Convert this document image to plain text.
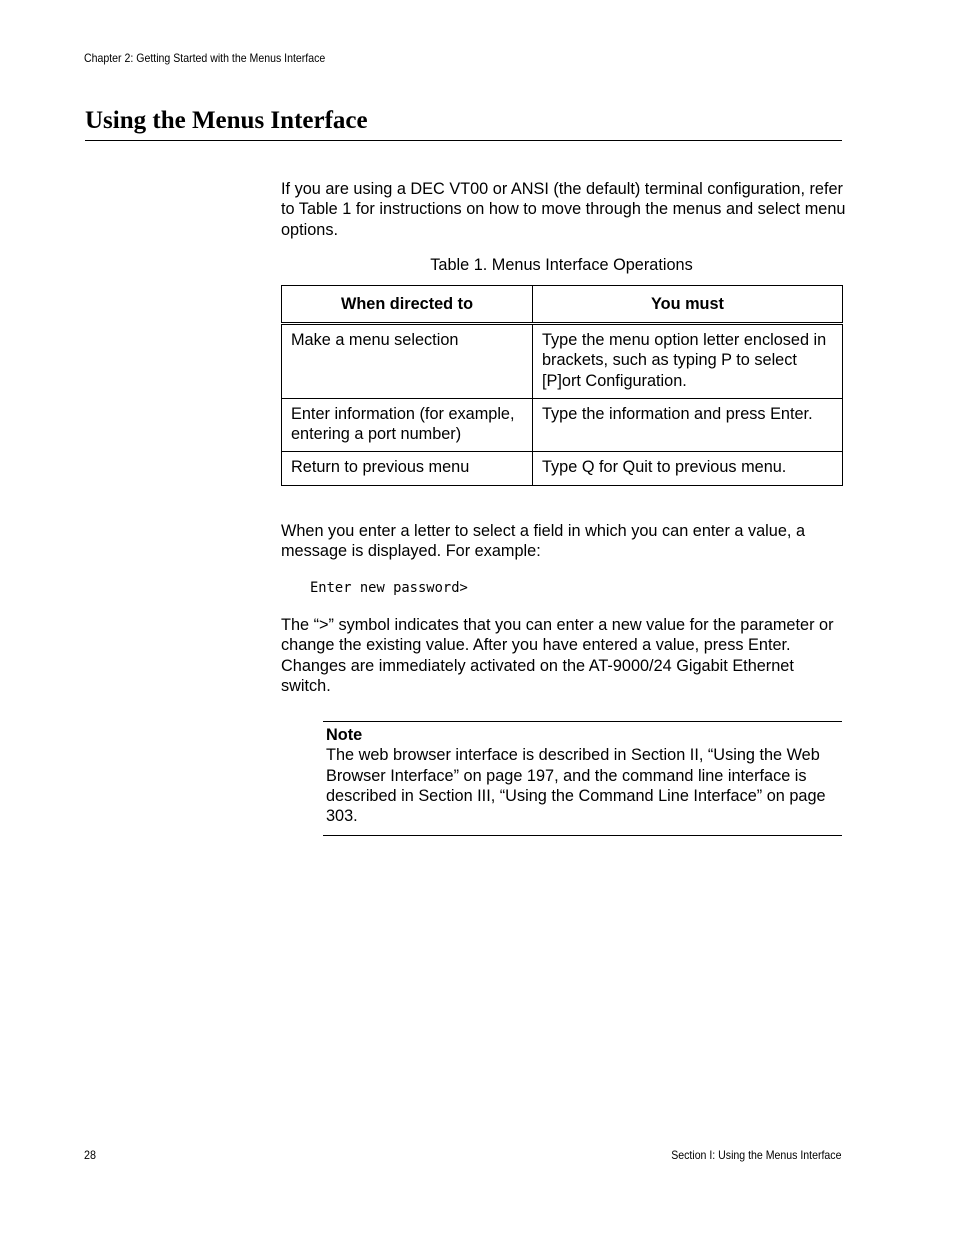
Chapter 2: Getting Started with the Menus Interface
Using the Menus Interface

If you are using a DEC VT00 or ANSI (the default) terminal configuration, refer to Table 1 for instructions on how to move through the menus and select menu options.

Table 1. Menus Interface Operations
When directed to	You must
Make a menu selection	Type the menu option letter enclosed in brackets, such as typing P to select [P]ort Configuration.
Enter information (for example, entering a port number)	Type the information and press Enter.
Return to previous menu	Type Q for Quit to previous menu.

When you enter a letter to select a field in which you can enter a value, a message is displayed. For example:

Enter new password>

The “>” symbol indicates that you can enter a new value for the parameter or change the existing value. After you have entered a value, press Enter. Changes are immediately activated on the AT-9000/24 Gigabit Ethernet switch.

Note
The web browser interface is described in Section II, “Using the Web Browser Interface” on page 197, and the command line interface is described in Section III, “Using the Command Line Interface” on page 303.
28	Section I: Using the Menus Interface
